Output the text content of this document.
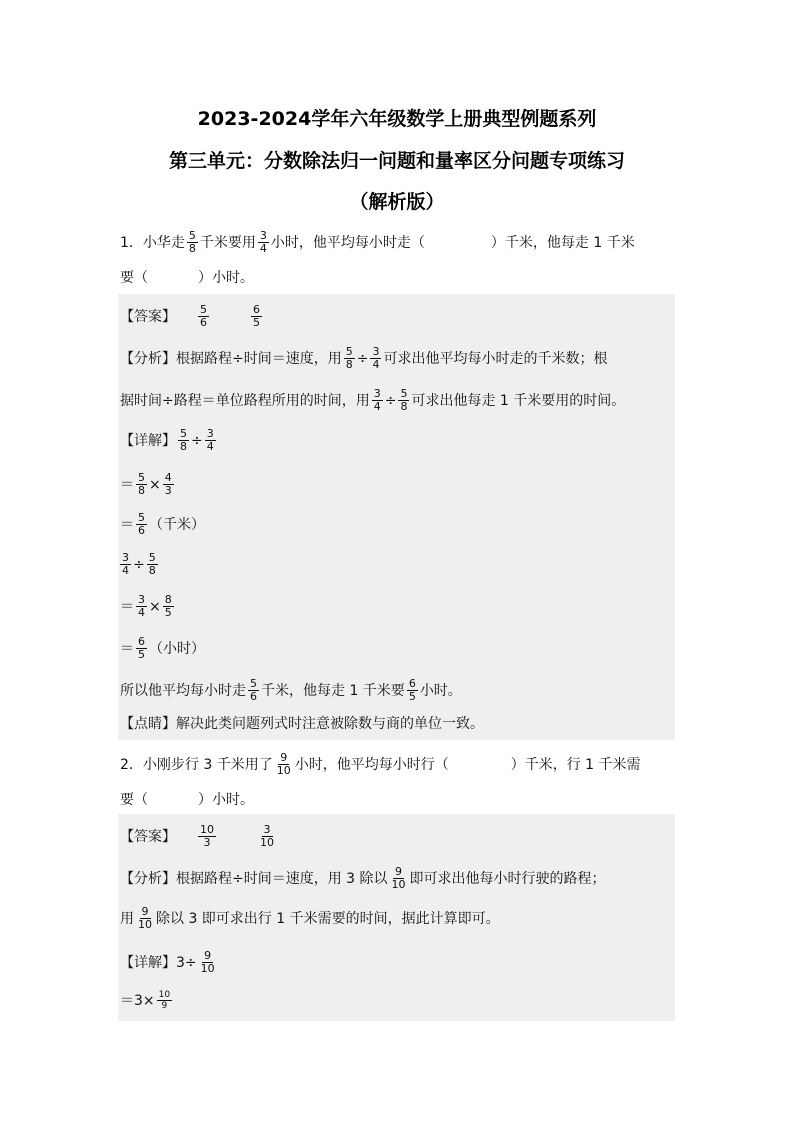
2023-2024学年六年级数学上册典型例题系列
第三单元：分数除法归一问题和量率区分问题专项练习
（解析版）
1．小华走 $\frac{5}{8}$ 千米要用 $\frac{3}{4}$ 小时，他平均每小时走（	）千米，他每走 1 千米
要（	）小时。
【答案】 $\frac{5}{6}$	$\frac{6}{5}$
【分析】 根据路程÷时间＝速度，用 $\frac{5}{8} \div \frac{3}{4}$ 可求出他平均每小时走的千米数；根
据时间÷路程＝单位路程所用的时间，用 $\frac{3}{4} \div \frac{5}{8}$ 可求出他每走 1 千米要用的时间。
【详解】 $\frac{5}{8} \div \frac{3}{4}$
＝ $\frac{5}{8} \times \frac{4}{3}$
＝ $\frac{5}{6}$ （千米）
$\frac{3}{4} \div \frac{5}{8}$
＝ $\frac{3}{4} \times \frac{8}{5}$
＝ $\frac{6}{5}$ （小时）
所以他平均每小时走 $\frac{5}{6}$ 千米，他每走 1 千米要 $\frac{6}{5}$ 小时。
【点睛】 解决此类问题列式时注意被除数与商的单位一致。
2．小刚步行 3 千米用了 $\frac{9}{10}$ 小时，他平均每小时行（	）千米，行 1 千米需
要（	）小时。
【答案】 $\frac{10}{3}$	$\frac{3}{10}$
【分析】 根据路程÷时间＝速度，用 3 除以 $\frac{9}{10}$ 即可求出他每小时行驶的路程；
用 $\frac{9}{10}$ 除以 3 即可求出行 1 千米需要的时间，据此计算即可。
【详解】 $3\div \frac{9}{10}$
$=3\times \frac{10}{9}$
